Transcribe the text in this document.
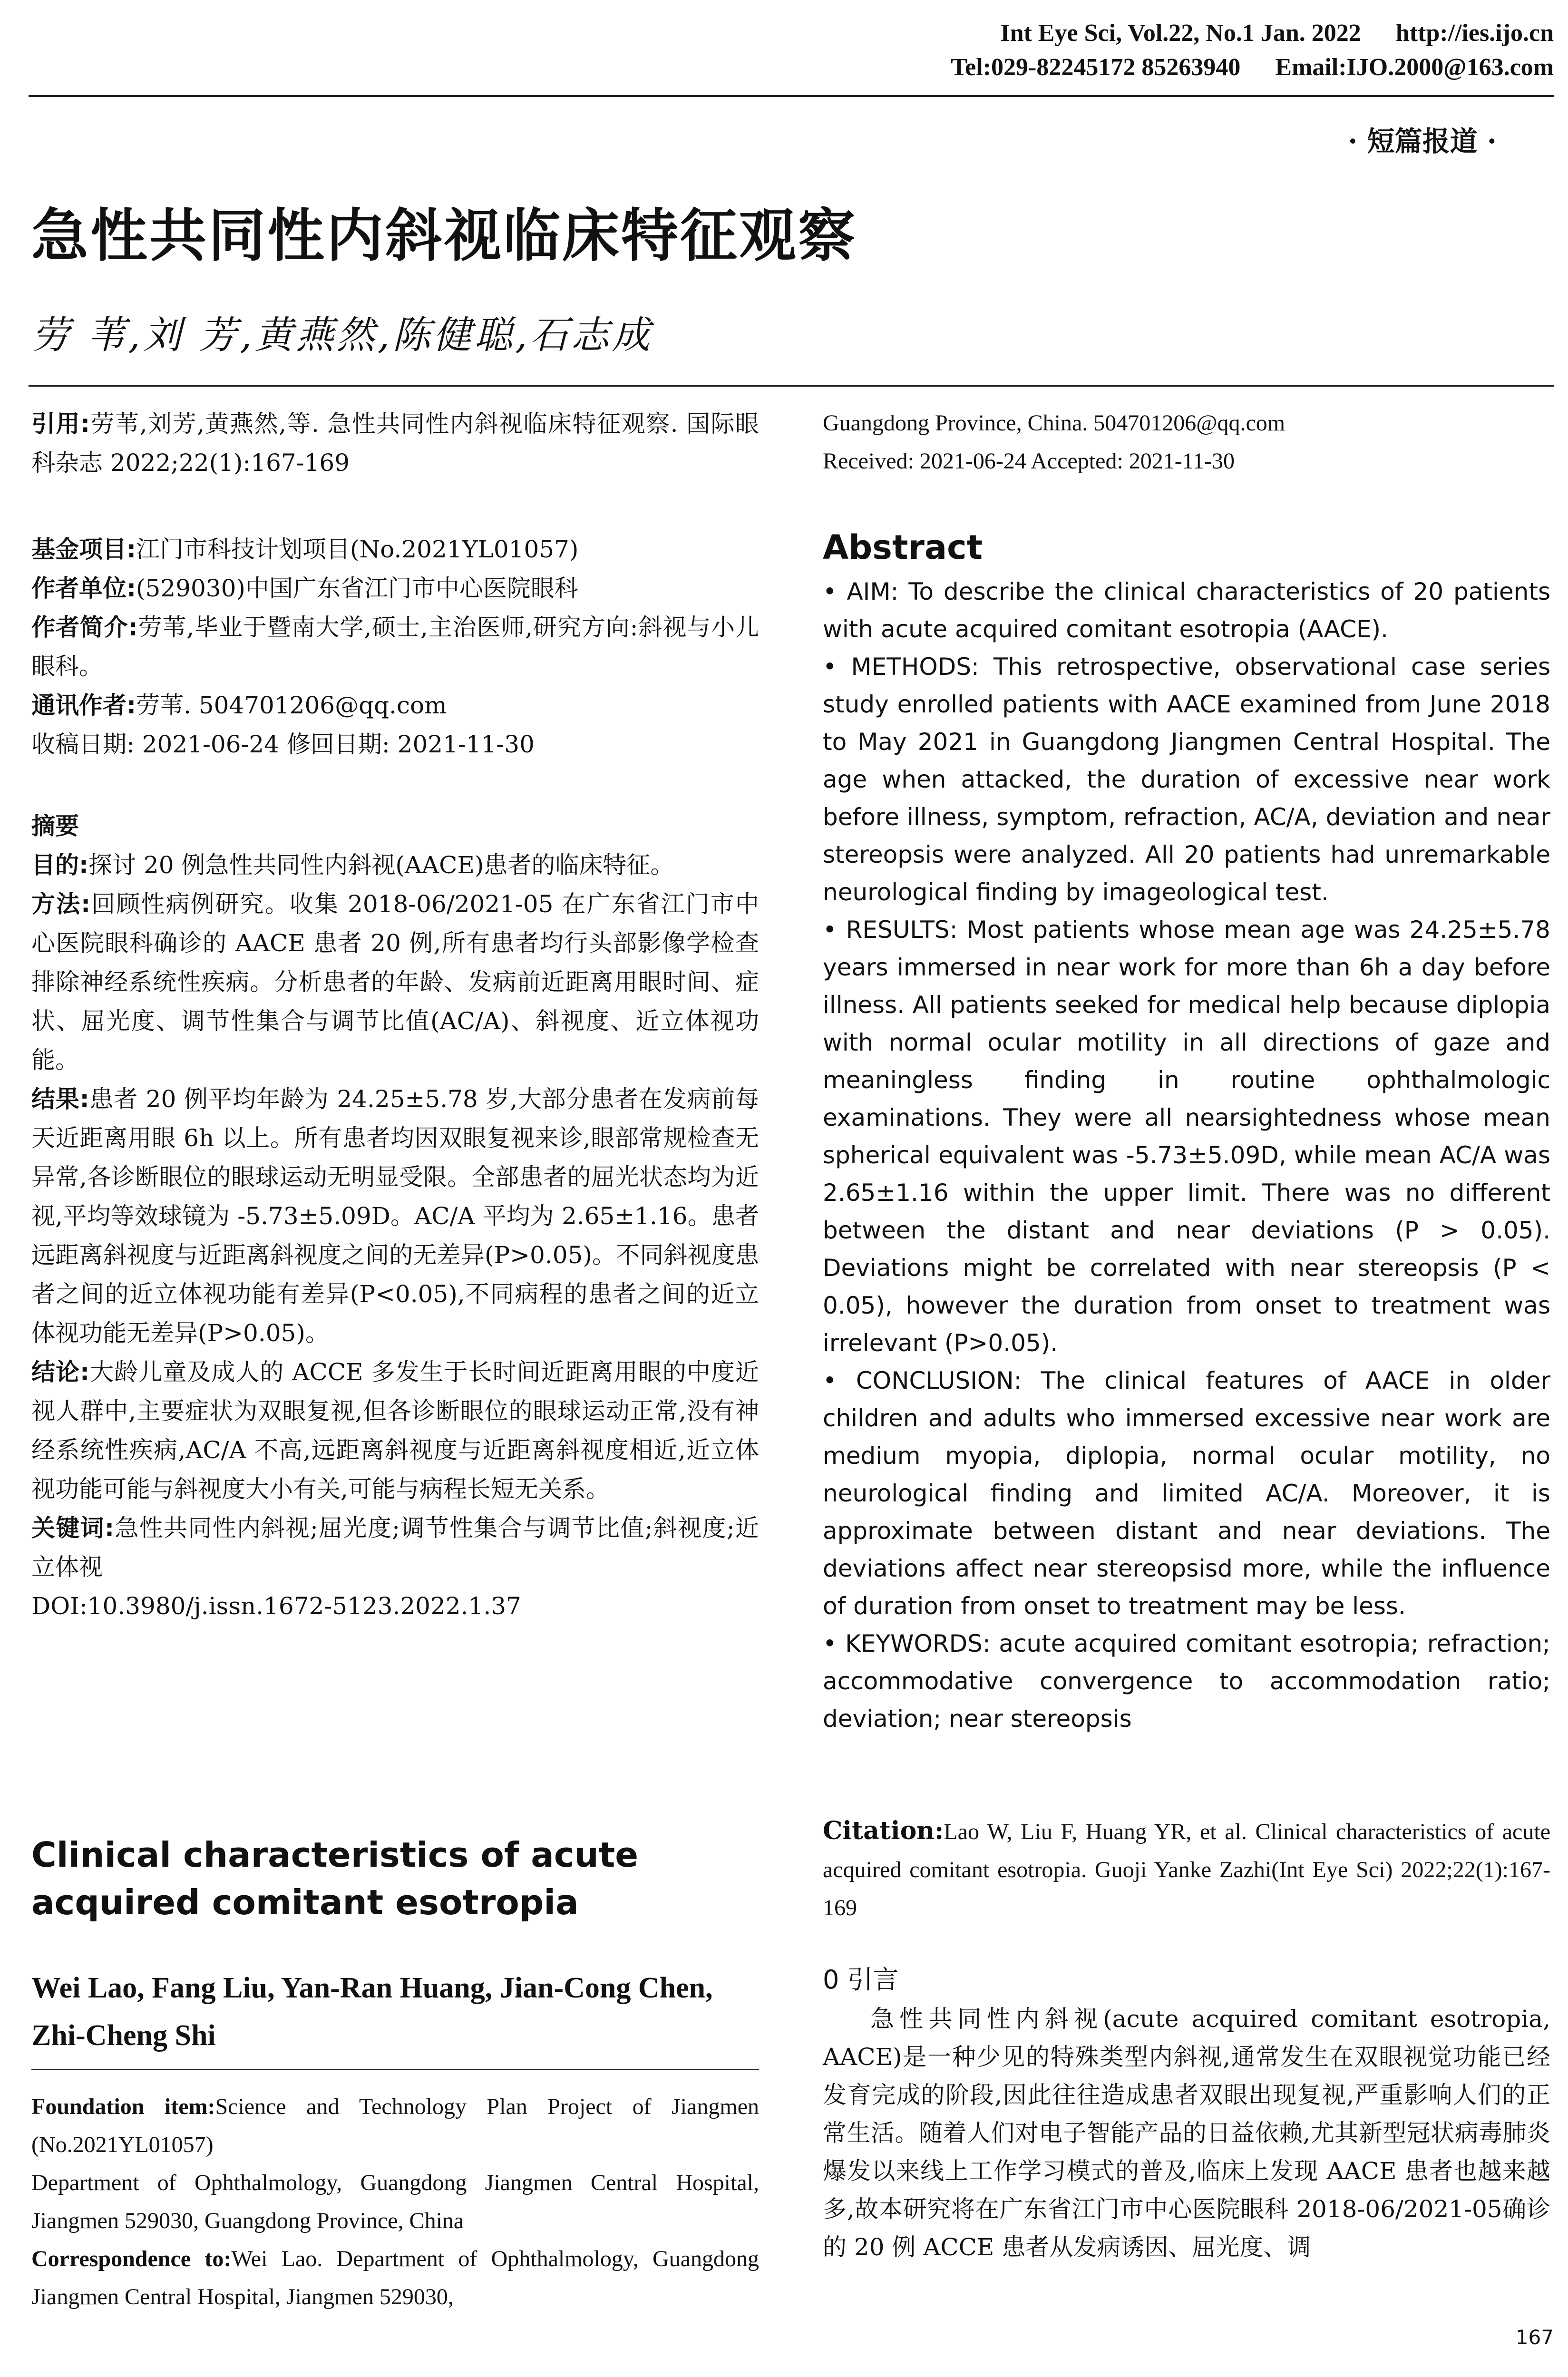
Int Eye Sci, Vol.22, No.1 Jan. 2022 http://ies.ijo.cn
Tel:029-82245172 85263940 Email:IJO.2000@163.com
· 短篇报道 ·
急性共同性内斜视临床特征观察
劳 苇,刘 芳,黄燕然,陈健聪,石志成

引用:劳苇,刘芳,黄燕然,等. 急性共同性内斜视临床特征观察. 国际眼科杂志 2022;22(1):167-169

基金项目:江门市科技计划项目(No.2021YL01057)

作者单位:(529030)中国广东省江门市中心医院眼科

作者简介:劳苇,毕业于暨南大学,硕士,主治医师,研究方向:斜视与小儿眼科。

通讯作者:劳苇. 504701206@qq.com

收稿日期: 2021-06-24 修回日期: 2021-11-30

摘要

目的:探讨 20 例急性共同性内斜视(AACE)患者的临床特征。

方法:回顾性病例研究。收集 2018-06/2021-05 在广东省江门市中心医院眼科确诊的 AACE 患者 20 例,所有患者均行头部影像学检查排除神经系统性疾病。分析患者的年龄、发病前近距离用眼时间、症状、屈光度、调节性集合与调节比值(AC/A)、斜视度、近立体视功能。

结果:患者 20 例平均年龄为 24.25±5.78 岁,大部分患者在发病前每天近距离用眼 6h 以上。所有患者均因双眼复视来诊,眼部常规检查无异常,各诊断眼位的眼球运动无明显受限。全部患者的屈光状态均为近视,平均等效球镜为 -5.73±5.09D。AC/A 平均为 2.65±1.16。患者远距离斜视度与近距离斜视度之间的无差异(P>0.05)。不同斜视度患者之间的近立体视功能有差异(P<0.05),不同病程的患者之间的近立体视功能无差异(P>0.05)。

结论:大龄儿童及成人的 ACCE 多发生于长时间近距离用眼的中度近视人群中,主要症状为双眼复视,但各诊断眼位的眼球运动正常,没有神经系统性疾病,AC/A 不高,远距离斜视度与近距离斜视度相近,近立体视功能可能与斜视度大小有关,可能与病程长短无关系。

关键词:急性共同性内斜视;屈光度;调节性集合与调节比值;斜视度;近立体视

DOI:10.3980/j.issn.1672-5123.2022.1.37

Clinical characteristics of acute acquired comitant esotropia
Wei Lao, Fang Liu, Yan-Ran Huang, Jian-Cong Chen, Zhi-Cheng Shi

Foundation item:Science and Technology Plan Project of Jiangmen (No.2021YL01057)

Department of Ophthalmology, Guangdong Jiangmen Central Hospital, Jiangmen 529030, Guangdong Province, China

Correspondence to:Wei Lao. Department of Ophthalmology, Guangdong Jiangmen Central Hospital, Jiangmen 529030,

Guangdong Province, China. 504701206@qq.com

Received: 2021-06-24 Accepted: 2021-11-30

Abstract

• AIM: To describe the clinical characteristics of 20 patients with acute acquired comitant esotropia (AACE).

• METHODS: This retrospective, observational case series study enrolled patients with AACE examined from June 2018 to May 2021 in Guangdong Jiangmen Central Hospital. The age when attacked, the duration of excessive near work before illness, symptom, refraction, AC/A, deviation and near stereopsis were analyzed. All 20 patients had unremarkable neurological finding by imageological test.

• RESULTS: Most patients whose mean age was 24.25±5.78 years immersed in near work for more than 6h a day before illness. All patients seeked for medical help because diplopia with normal ocular motility in all directions of gaze and meaningless finding in routine ophthalmologic examinations. They were all nearsightedness whose mean spherical equivalent was -5.73±5.09D, while mean AC/A was 2.65±1.16 within the upper limit. There was no different between the distant and near deviations (P > 0.05). Deviations might be correlated with near stereopsis (P < 0.05), however the duration from onset to treatment was irrelevant (P>0.05).

• CONCLUSION: The clinical features of AACE in older children and adults who immersed excessive near work are medium myopia, diplopia, normal ocular motility, no neurological finding and limited AC/A. Moreover, it is approximate between distant and near deviations. The deviations affect near stereopsisd more, while the influence of duration from onset to treatment may be less.

• KEYWORDS: acute acquired comitant esotropia; refraction; accommodative convergence to accommodation ratio; deviation; near stereopsis

Citation:Lao W, Liu F, Huang YR, et al. Clinical characteristics of acute acquired comitant esotropia. Guoji Yanke Zazhi(Int Eye Sci) 2022;22(1):167-169
0 引言
急性共同性内斜视(acute acquired comitant esotropia, AACE)是一种少见的特殊类型内斜视,通常发生在双眼视觉功能已经发育完成的阶段,因此往往造成患者双眼出现复视,严重影响人们的正常生活。随着人们对电子智能产品的日益依赖,尤其新型冠状病毒肺炎爆发以来线上工作学习模式的普及,临床上发现 AACE 患者也越来越多,故本研究将在广东省江门市中心医院眼科 2018-06/2021-05确诊的 20 例 ACCE 患者从发病诱因、屈光度、调
167
